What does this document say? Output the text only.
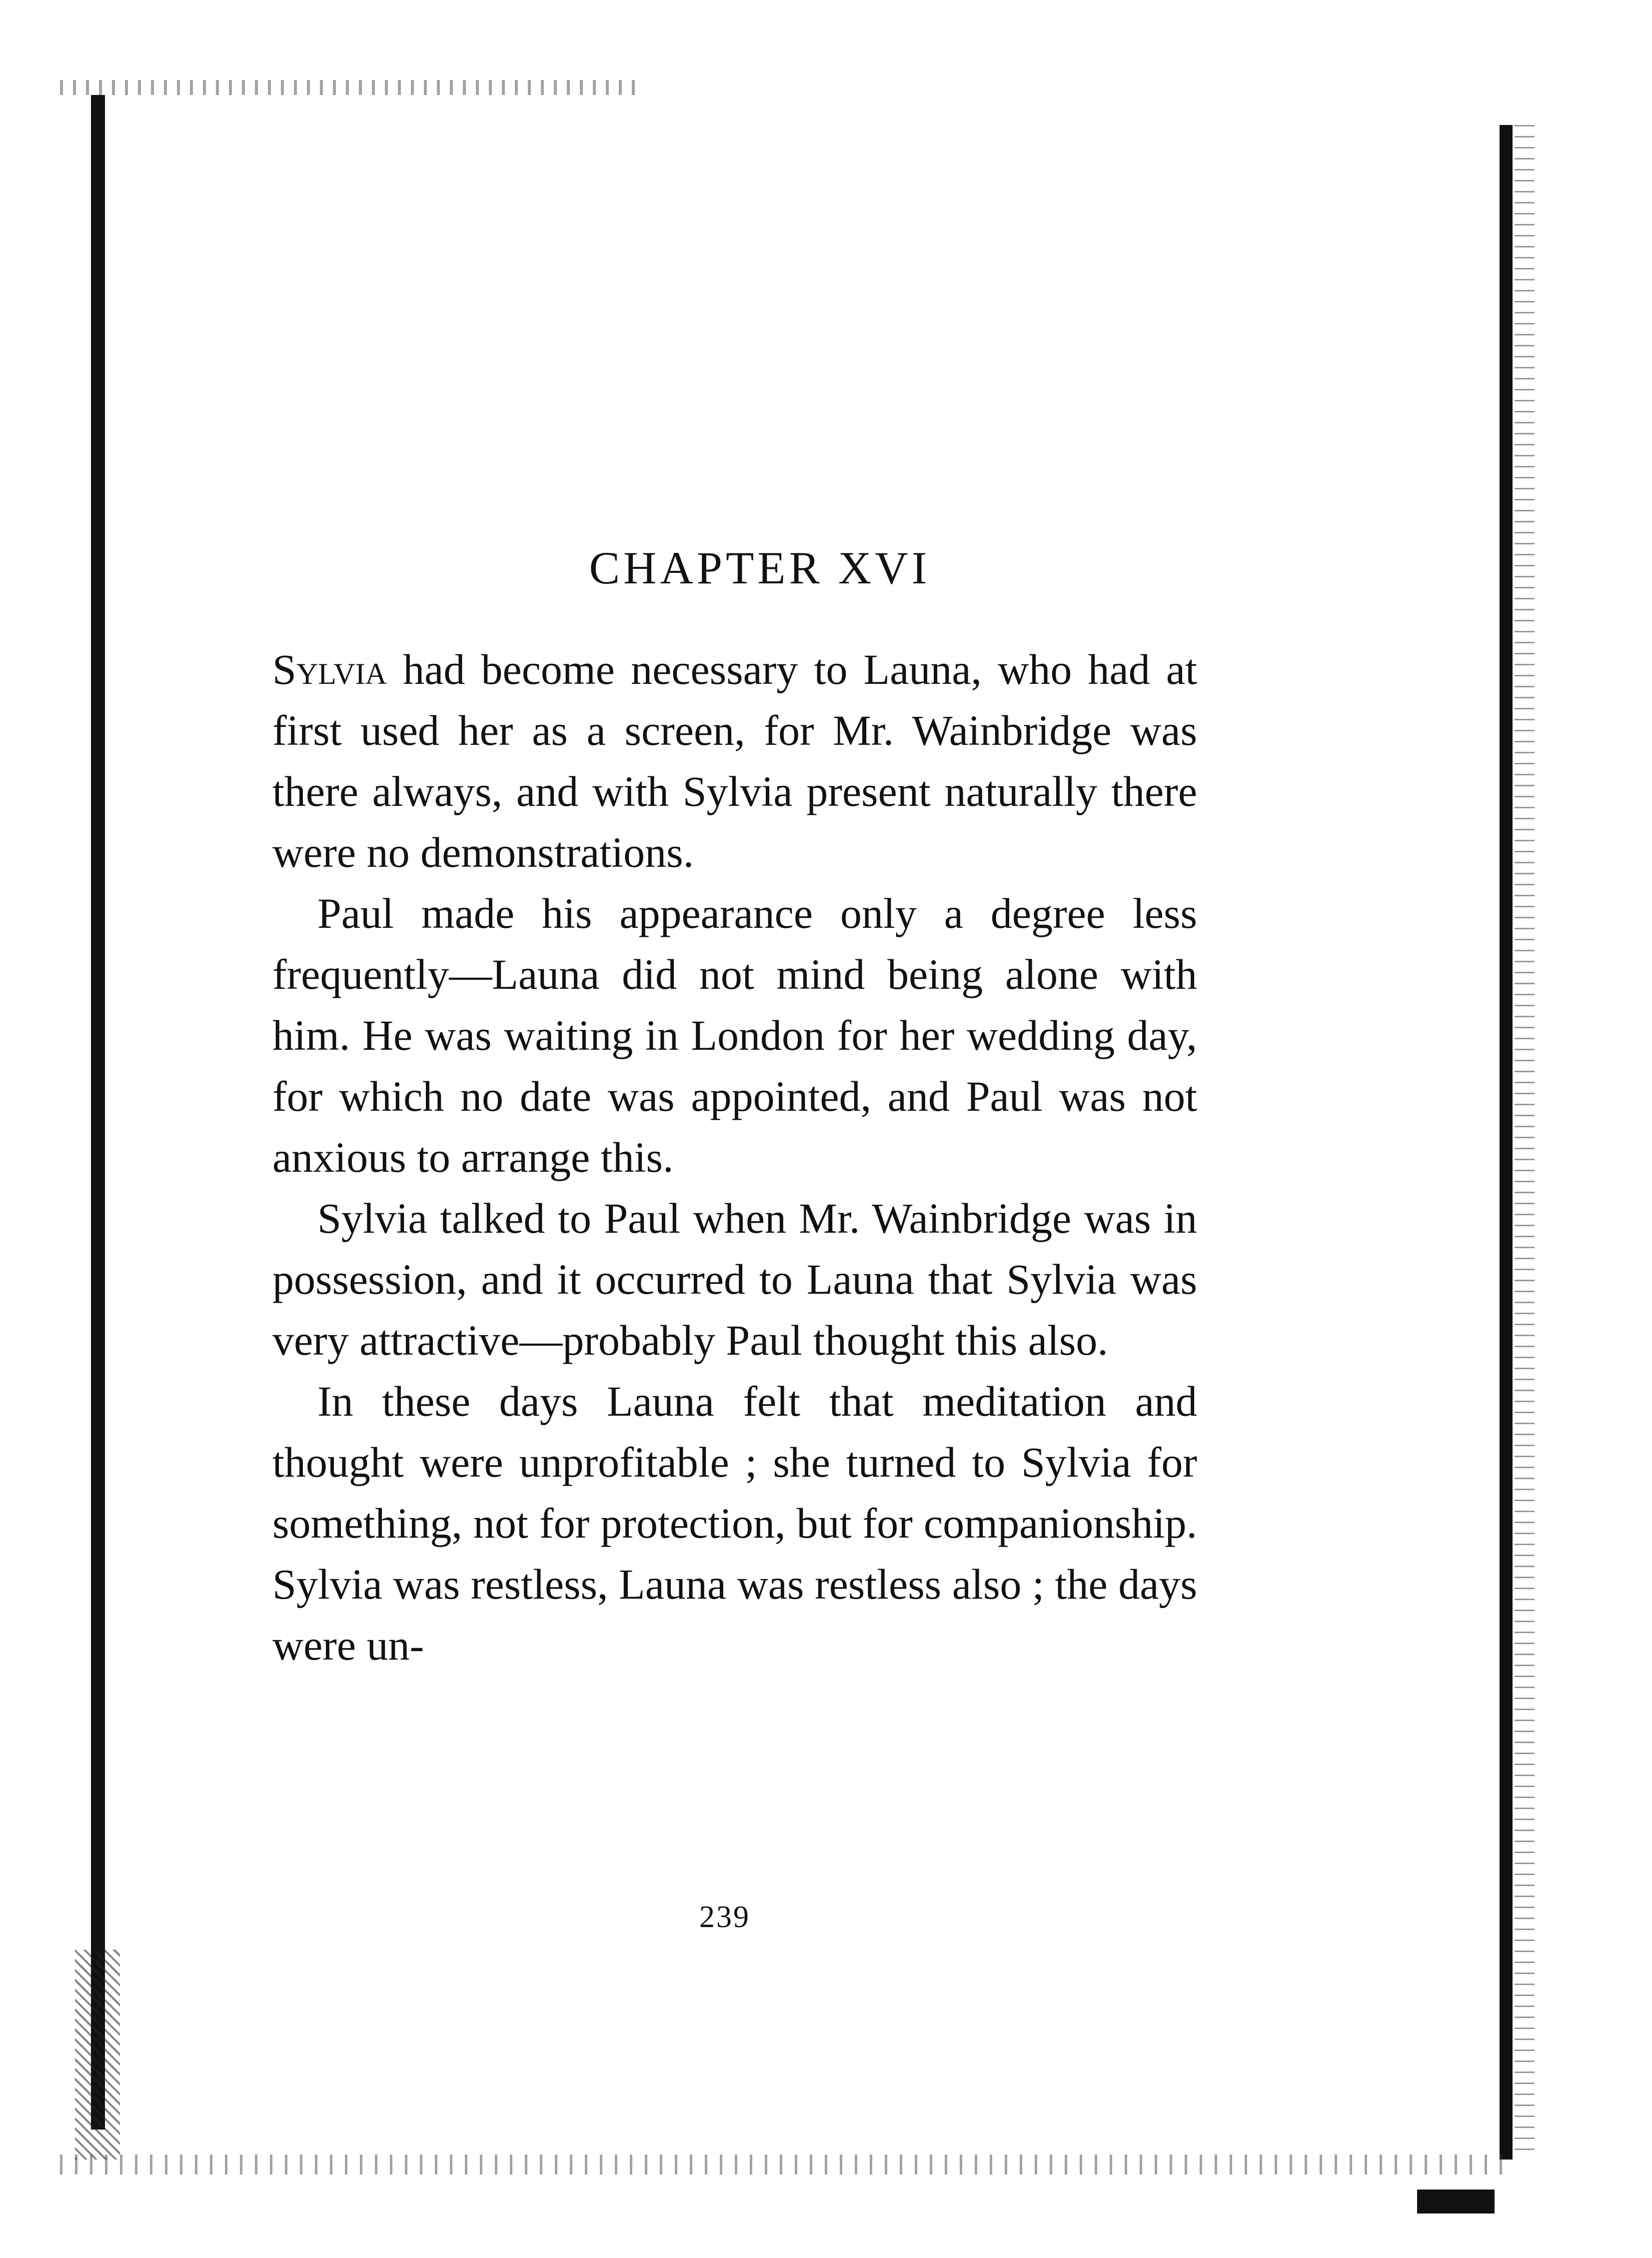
CHAPTER XVI

Sylvia had become necessary to Launa, who had at first used her as a screen, for Mr. Wainbridge was there always, and with Sylvia present naturally there were no demonstrations.

Paul made his appearance only a degree less frequently—Launa did not mind being alone with him. He was waiting in London for her wedding day, for which no date was appointed, and Paul was not anxious to arrange this.

Sylvia talked to Paul when Mr. Wainbridge was in possession, and it occurred to Launa that Sylvia was very attractive—probably Paul thought this also.

In these days Launa felt that meditation and thought were unprofitable ; she turned to Sylvia for something, not for protection, but for companionship. Sylvia was restless, Launa was restless also ; the days were un-

239
